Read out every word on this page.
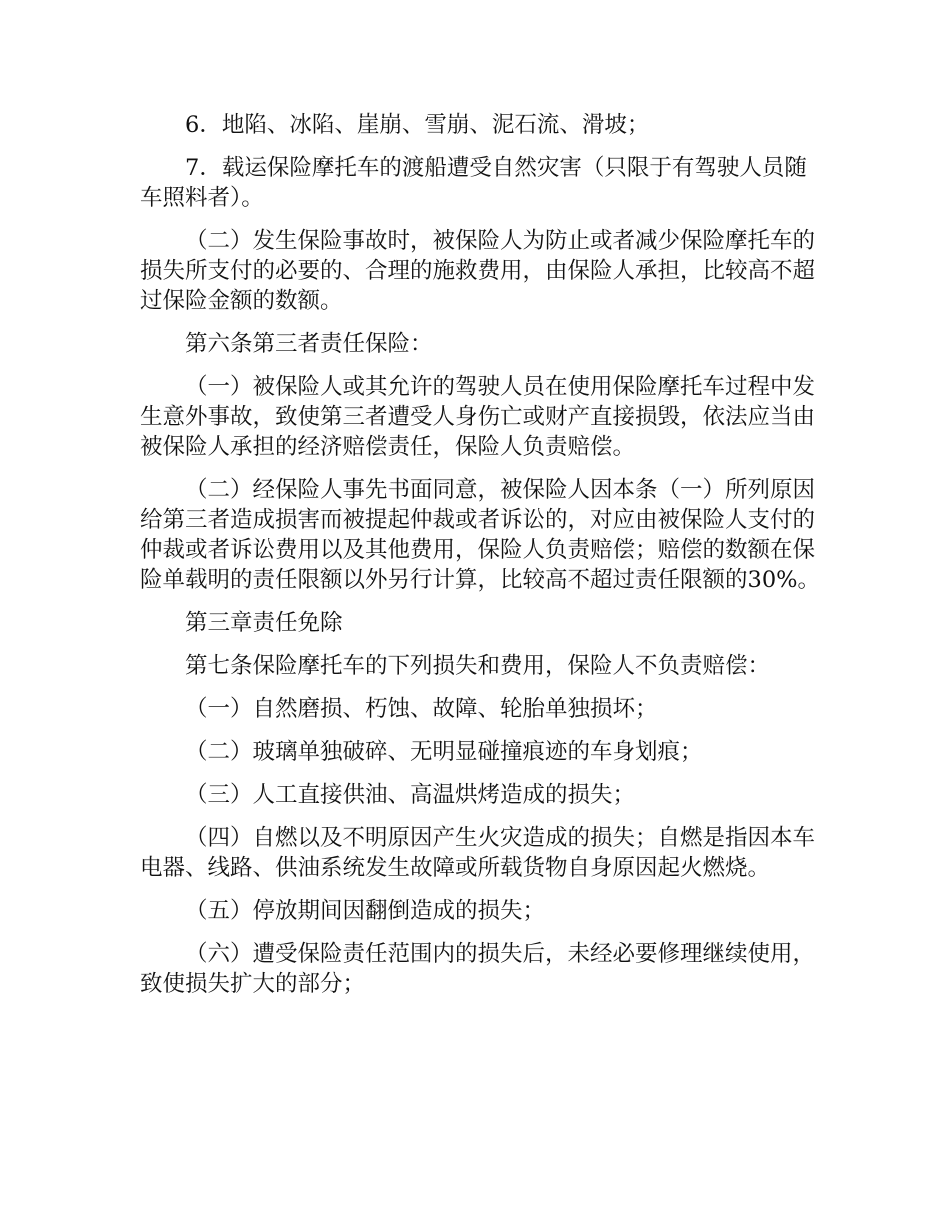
6．地陷、冰陷、崖崩、雪崩、泥石流、滑坡；

7．载运保险摩托车的渡船遭受自然灾害（只限于有驾驶人员随车照料者）。

（二）发生保险事故时，被保险人为防止或者减少保险摩托车的损失所支付的必要的、合理的施救费用，由保险人承担，比较高不超过保险金额的数额。

第六条第三者责任保险：

（一）被保险人或其允许的驾驶人员在使用保险摩托车过程中发生意外事故，致使第三者遭受人身伤亡或财产直接损毁，依法应当由被保险人承担的经济赔偿责任，保险人负责赔偿。

（二）经保险人事先书面同意，被保险人因本条（一）所列原因给第三者造成损害而被提起仲裁或者诉讼的，对应由被保险人支付的仲裁或者诉讼费用以及其他费用，保险人负责赔偿；赔偿的数额在保险单载明的责任限额以外另行计算，比较高不超过责任限额的30%。

第三章责任免除

第七条保险摩托车的下列损失和费用，保险人不负责赔偿：

（一）自然磨损、朽蚀、故障、轮胎单独损坏；

（二）玻璃单独破碎、无明显碰撞痕迹的车身划痕；

（三）人工直接供油、高温烘烤造成的损失；

（四）自燃以及不明原因产生火灾造成的损失；自燃是指因本车电器、线路、供油系统发生故障或所载货物自身原因起火燃烧。

（五）停放期间因翻倒造成的损失；

（六）遭受保险责任范围内的损失后，未经必要修理继续使用，致使损失扩大的部分；
